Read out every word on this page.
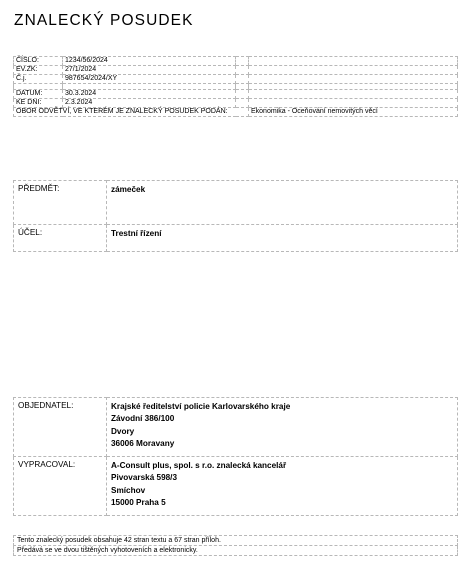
ZNALECKÝ POSUDEK
ČÍSLO:	1234/56/2024		
EV.ZK:	27/1/2024		
Č.j.	987654/2024/XY		

DATUM:	30.3.2024		
KE DNI:	2.3.2024		
OBOR ODVĚTVÍ, VE KTERÉM JE ZNALECKÝ POSUDEK PODÁN:			Ekonomika - Oceňování nemovitých věcí
PŘEDMĚT:	zámeček
ÚČEL:	Trestní řízení
OBJEDNATEL:	Krajské ředitelství policie Karlovarského kraje
Závodní 386/100
Dvory
36006 Moravany

VYPRACOVAL:	A-Consult plus, spol. s r.o. znalecká kancelář
Pivovarská 598/3
Smíchov
15000 Praha 5
Tento znalecký posudek obsahuje 42 stran textu a 67 stran příloh.
Předává se ve dvou tištěných vyhotoveních a elektronicky.
